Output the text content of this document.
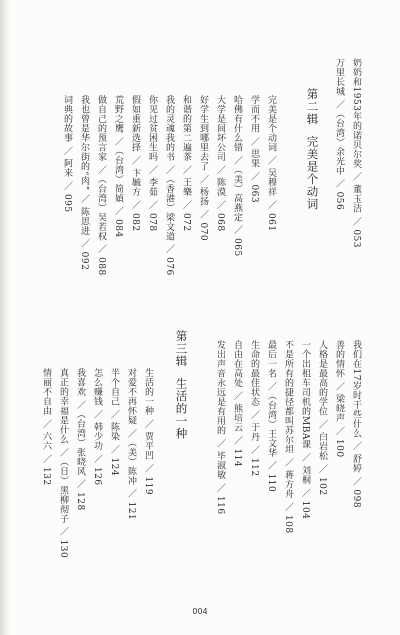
奶奶和1953年的诺贝尔奖 ／ 董玉洁 ／ 053
万里长城 ／（台湾）余光中 ／ 056
第二辑完美是个动词
完美是个动词 ／ 吴穆祥 ／ 061
学而不用 ／ 思果 ／ 063
哈佛有什么错 ／（美）高燕定 ／ 065
大学是间坏公司 ／ 陈漠 ／ 068
好学生到哪里去了 ／ 杨扬 ／ 070
和谐的第二遍茶 ／ 王樂 ／ 072
我的灵魂我的书 ／（香港）梁文道 ／ 076
你见过贫困生吗 ／ 李茹 ／ 078
假如重新选择 ／ 卞毓方 ／ 082
荒野之鹰 ／（台湾）简媜 ／ 084
做自己的预言家 ／（台湾）吴若权 ／ 088
我也曾是华尔街的“肉” ／ 陈思进 ／ 092
词典的故事 ／ 阿来 ／ 095
我们在17岁时干些什么 ／ 舒婷 ／ 098
善的情怀 ／ 梁晓声 ／ 100
人格是最高的学位 ／ 白岩松 ／ 102
一个出租车司机的MBA课 ／ 刘桐 ／ 104
不是所有的捷径都叫苏尔坦 ／ 蒋方舟 ／ 108
最后一名 ／（台湾）王文华 ／ 110
生命的最佳状态 ／ 于丹 ／ 112
自由在高处 ／ 熊培云 ／ 114
发出声音永远是有用的 ／ 毕淑敏 ／ 116
第三辑生活的一种
生活的一种 ／ 贾平凹 ／ 119
对爱不再怀疑 ／（美）陈冲 ／ 121
半个自己 ／ 陈染 ／ 124
怎么赚钱 ／ 韩少功 ／ 126
我喜欢 ／（台湾）张晓风 ／ 128
真正的幸福是什么 ／（日）黑柳彻子 ／ 130
情丽不自由 ／ 六六 ／ 132
004
